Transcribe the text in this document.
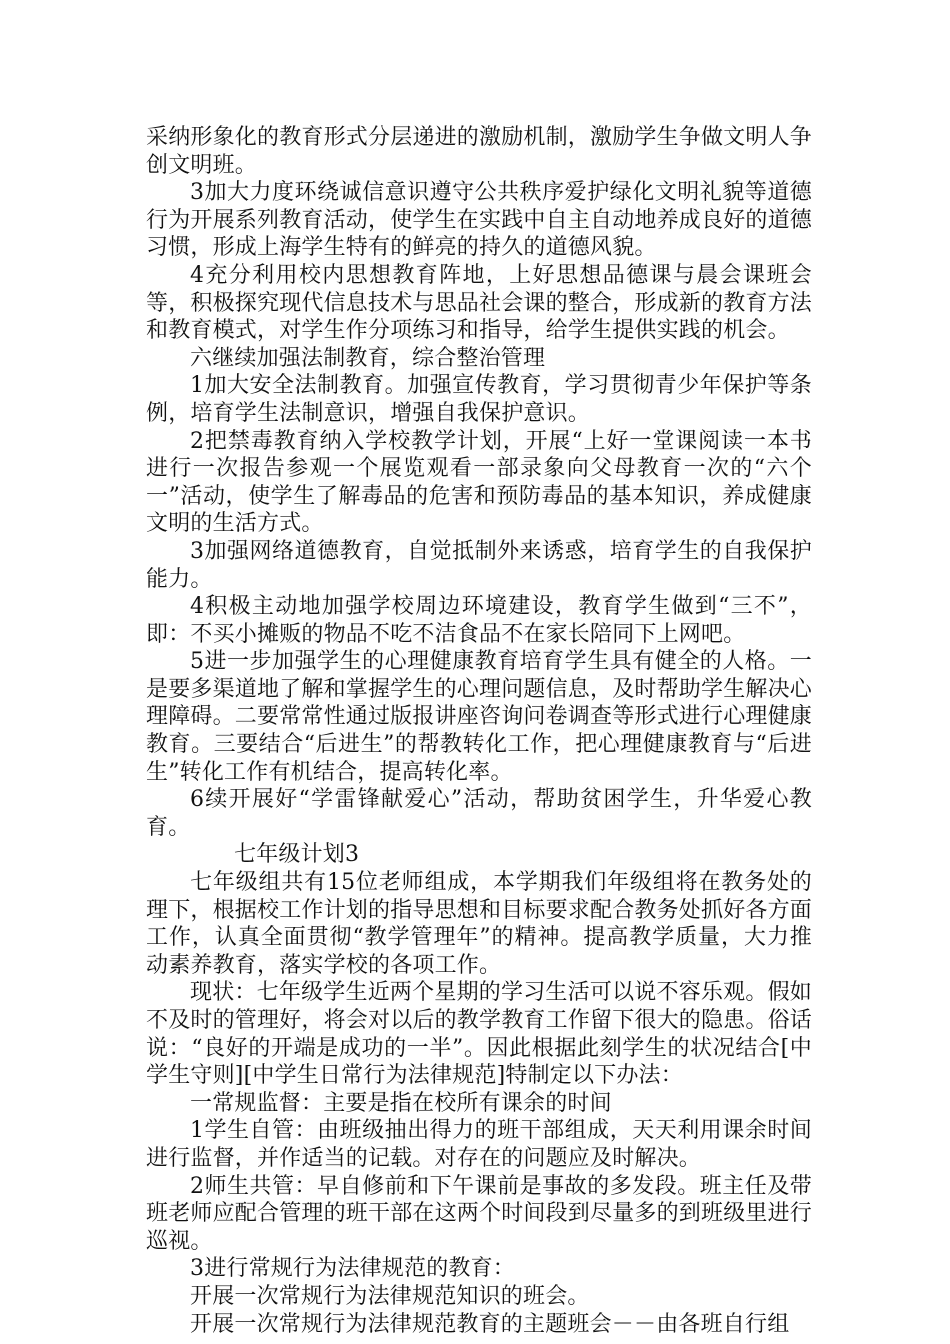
采纳形象化的教育形式分层递进的激励机制，激励学生争做文明人争创文明班。

3加大力度环绕诚信意识遵守公共秩序爱护绿化文明礼貌等道德行为开展系列教育活动，使学生在实践中自主自动地养成良好的道德习惯，形成上海学生特有的鲜亮的持久的道德风貌。

4充分利用校内思想教育阵地，上好思想品德课与晨会课班会等，积极探究现代信息技术与思品社会课的整合，形成新的教育方法和教育模式，对学生作分项练习和指导，给学生提供实践的机会。

六继续加强法制教育，综合整治管理

1加大安全法制教育。加强宣传教育，学习贯彻青少年保护等条例，培育学生法制意识，增强自我保护意识。

2把禁毒教育纳入学校教学计划，开展“上好一堂课阅读一本书进行一次报告参观一个展览观看一部录象向父母教育一次的“六个一”活动，使学生了解毒品的危害和预防毒品的基本知识，养成健康文明的生活方式。

3加强网络道德教育，自觉抵制外来诱惑，培育学生的自我保护能力。

4积极主动地加强学校周边环境建设，教育学生做到“三不”，即：不买小摊贩的物品不吃不洁食品不在家长陪同下上网吧。

5进一步加强学生的心理健康教育培育学生具有健全的人格。一是要多渠道地了解和掌握学生的心理问题信息，及时帮助学生解决心理障碍。二要常常性通过版报讲座咨询问卷调查等形式进行心理健康教育。三要结合“后进生”的帮教转化工作，把心理健康教育与“后进生”转化工作有机结合，提高转化率。

6续开展好“学雷锋献爱心”活动，帮助贫困学生，升华爱心教育。

七年级计划3

七年级组共有15位老师组成，本学期我们年级组将在教务处的理下，根据校工作计划的指导思想和目标要求配合教务处抓好各方面工作，认真全面贯彻“教学管理年”的精神。提高教学质量，大力推动素养教育，落实学校的各项工作。

现状：七年级学生近两个星期的学习生活可以说不容乐观。假如不及时的管理好，将会对以后的教学教育工作留下很大的隐患。俗话说：“良好的开端是成功的一半”。因此根据此刻学生的状况结合[中学生守则][中学生日常行为法律规范]特制定以下办法：

一常规监督：主要是指在校所有课余的时间

1学生自管：由班级抽出得力的班干部组成，天天利用课余时间进行监督，并作适当的记载。对存在的问题应及时解决。

2师生共管：早自修前和下午课前是事故的多发段。班主任及带班老师应配合管理的班干部在这两个时间段到尽量多的到班级里进行巡视。

3进行常规行为法律规范的教育：

开展一次常规行为法律规范知识的班会。

开展一次常规行为法律规范教育的主题班会－－由各班自行组
